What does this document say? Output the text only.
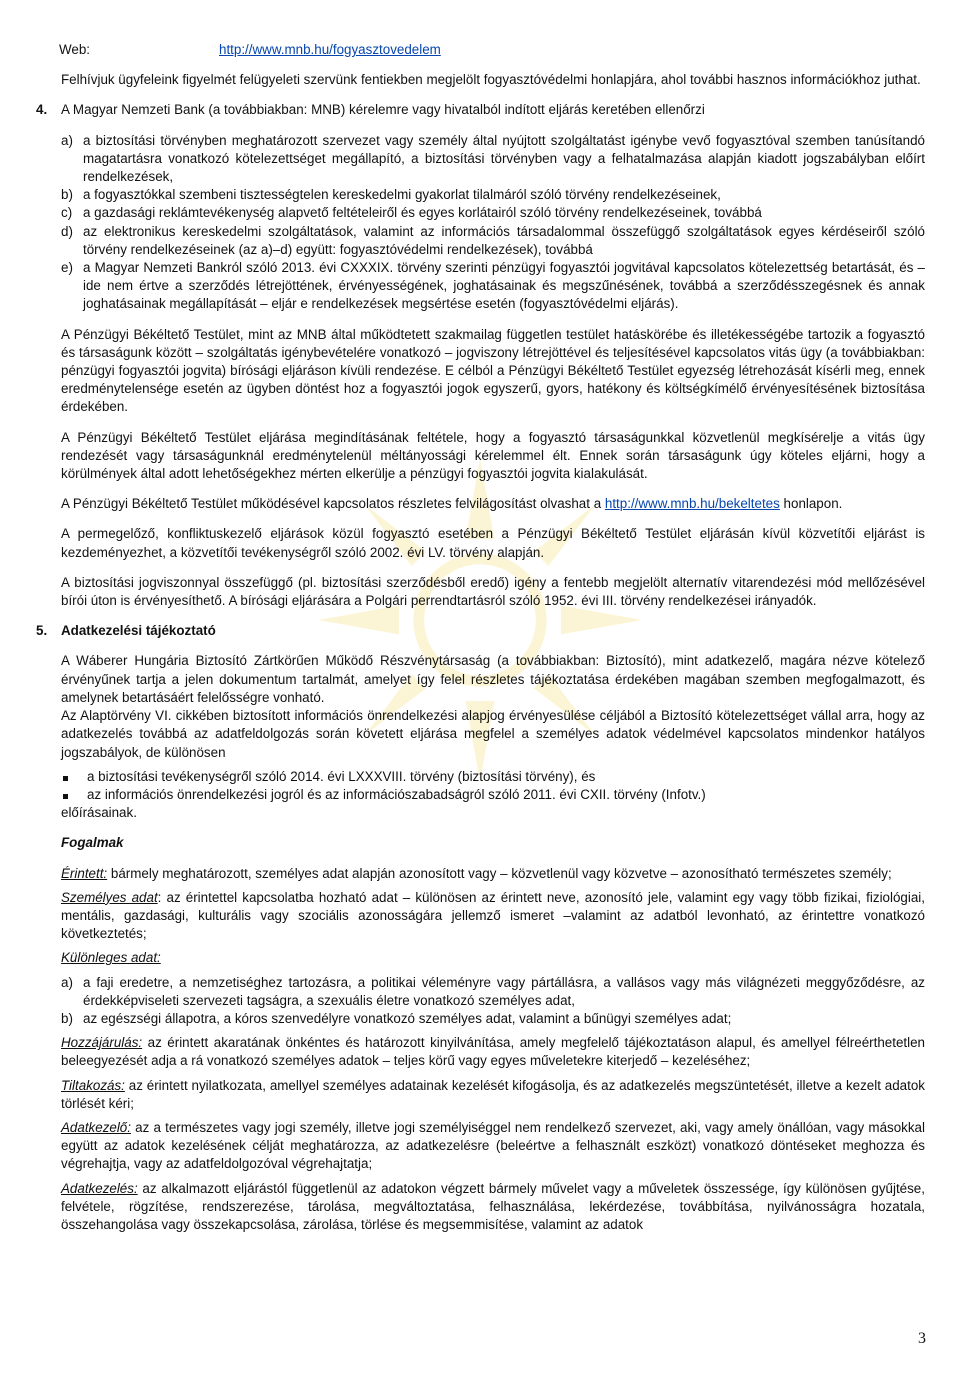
Web:	http://www.mnb.hu/fogyasztovedelem

Felhívjuk ügyfeleink figyelmét felügyeleti szervünk fentiekben megjelölt fogyasztóvédelmi honlapjára, ahol további hasznos információkhoz juthat.

4. A Magyar Nemzeti Bank (a továbbiakban: MNB) kérelemre vagy hivatalból indított eljárás keretében ellenőrzi

a) a biztosítási törvényben meghatározott szervezet vagy személy által nyújtott szolgáltatást igénybe vevő fogyasztóval szemben tanúsítandó magatartásra vonatkozó kötelezettséget megállapító, a biztosítási törvényben vagy a felhatalmazása alapján kiadott jogszabályban előírt rendelkezések,
b) a fogyasztókkal szembeni tisztességtelen kereskedelmi gyakorlat tilalmáról szóló törvény rendelkezéseinek,
c) a gazdasági reklámtevékenység alapvető feltételeiről és egyes korlátairól szóló törvény rendelkezéseinek, továbbá
d) az elektronikus kereskedelmi szolgáltatások, valamint az információs társadalommal összefüggő szolgáltatások egyes kérdéseiről szóló törvény rendelkezéseinek (az a)–d) együtt: fogyasztóvédelmi rendelkezések), továbbá
e) a Magyar Nemzeti Bankról szóló 2013. évi CXXXIX. törvény szerinti pénzügyi fogyasztói jogvitával kapcsolatos kötelezettség betartását, és – ide nem értve a szerződés létrejöttének, érvényességének, joghatásainak és megszűnésének, továbbá a szerződésszegésnek és annak joghatásainak megállapítását – eljár e rendelkezések megsértése esetén (fogyasztóvédelmi eljárás).

A Pénzügyi Békéltető Testület, mint az MNB által működtetett szakmailag független testület hatáskörébe és illetékességébe tartozik a fogyasztó és társaságunk között – szolgáltatás igénybevételére vonatkozó – jogviszony létrejöttével és teljesítésével kapcsolatos vitás ügy (a továbbiakban: pénzügyi fogyasztói jogvita) bírósági eljáráson kívüli rendezése. E célból a Pénzügyi Békéltető Testület egyezség létrehozását kísérli meg, ennek eredménytelensége esetén az ügyben döntést hoz a fogyasztói jogok egyszerű, gyors, hatékony és költségkímélő érvényesítésének biztosítása érdekében.

A Pénzügyi Békéltető Testület eljárása megindításának feltétele, hogy a fogyasztó társaságunkkal közvetlenül megkísérelje a vitás ügy rendezését vagy társaságunknál eredménytelenül méltányossági kérelemmel élt. Ennek során társaságunk úgy köteles eljárni, hogy a körülmények által adott lehetőségekhez mérten elkerülje a pénzügyi fogyasztói jogvita kialakulását.

A Pénzügyi Békéltető Testület működésével kapcsolatos részletes felvilágosítást olvashat a http://www.mnb.hu/bekeltetes honlapon.

A permegelőző, konfliktuskezelő eljárások közül fogyasztó esetében a Pénzügyi Békéltető Testület eljárásán kívül közvetítői eljárást is kezdeményezhet, a közvetítői tevékenységről szóló 2002. évi LV. törvény alapján.

A biztosítási jogviszonnyal összefüggő (pl. biztosítási szerződésből eredő) igény a fentebb megjelölt alternatív vitarendezési mód mellőzésével bírói úton is érvényesíthető. A bírósági eljárására a Polgári perrendtartásról szóló 1952. évi III. törvény rendelkezései irányadók.

5. Adatkezelési tájékoztató

A Wáberer Hungária Biztosító Zártkörűen Működő Részvénytársaság (a továbbiakban: Biztosító), mint adatkezelő, magára nézve kötelező érvényűnek tartja a jelen dokumentum tartalmát, amelyet így felel részletes tájékoztatása érdekében magában szemben megfogalmazott, és amelynek betartásáért felelősségre vonható.

Az Alaptörvény VI. cikkében biztosított információs önrendelkezési alapjog érvényesülése céljából a Biztosító kötelezettséget vállal arra, hogy az adatkezelés továbbá az adatfeldolgozás során követett eljárása megfelel a személyes adatok védelmével kapcsolatos mindenkor hatályos jogszabályok, de különösen

a biztosítási tevékenységről szóló 2014. évi LXXXVIII. törvény (biztosítási törvény), és
az információs önrendelkezési jogról és az információszabadságról szóló 2011. évi CXII. törvény (Infotv.)

előírásainak.

Fogalmak

Érintett: bármely meghatározott, személyes adat alapján azonosított vagy – közvetlenül vagy közvetve – azonosítható természetes személy;

Személyes adat: az érintettel kapcsolatba hozható adat – különösen az érintett neve, azonosító jele, valamint egy vagy több fizikai, fiziológiai, mentális, gazdasági, kulturális vagy szociális azonosságára jellemző ismeret –valamint az adatból levonható, az érintettre vonatkozó következtetés;

Különleges adat:

a) a faji eredetre, a nemzetiséghez tartozásra, a politikai véleményre vagy pártállásra, a vallásos vagy más világnézeti meggyőződésre, az érdekképviseleti szervezeti tagságra, a szexuális életre vonatkozó személyes adat,
b) az egészségi állapotra, a kóros szenvedélyre vonatkozó személyes adat, valamint a bűnügyi személyes adat;

Hozzájárulás: az érintett akaratának önkéntes és határozott kinyilvánítása, amely megfelelő tájékoztatáson alapul, és amellyel félreérthetetlen beleegyezését adja a rá vonatkozó személyes adatok – teljes körű vagy egyes műveletekre kiterjedő – kezeléséhez;

Tiltakozás: az érintett nyilatkozata, amellyel személyes adatainak kezelését kifogásolja, és az adatkezelés megszüntetését, illetve a kezelt adatok törlését kéri;

Adatkezelő: az a természetes vagy jogi személy, illetve jogi személyiséggel nem rendelkező szervezet, aki, vagy amely önállóan, vagy másokkal együtt az adatok kezelésének célját meghatározza, az adatkezelésre (beleértve a felhasznált eszközt) vonatkozó döntéseket meghozza és végrehajtja, vagy az adatfeldolgozóval végrehajtatja;

Adatkezelés: az alkalmazott eljárástól függetlenül az adatokon végzett bármely művelet vagy a műveletek összessége, így különösen gyűjtése, felvétele, rögzítése, rendszerezése, tárolása, megváltoztatása, felhasználása, lekérdezése, továbbítása, nyilvánosságra hozatala, összehangolása vagy összekapcsolása, zárolása, törlése és megsemmisítése, valamint az adatok

3
